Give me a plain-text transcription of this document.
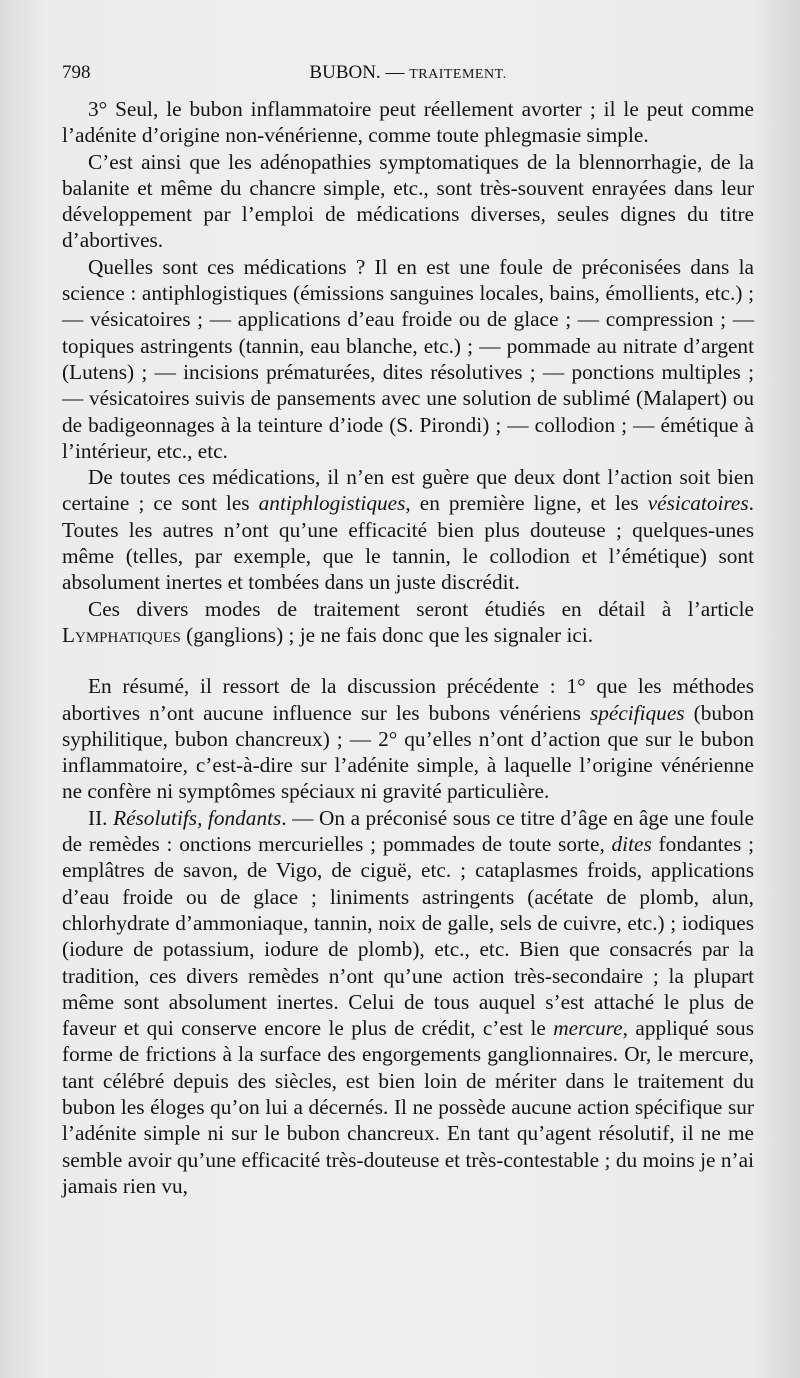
798	BUBON. — TRAITEMENT.

3° Seul, le bubon inflammatoire peut réellement avorter ; il le peut comme l’adénite d’origine non-vénérienne, comme toute phlegmasie simple.

C’est ainsi que les adénopathies symptomatiques de la blennorrhagie, de la balanite et même du chancre simple, etc., sont très-souvent enrayées dans leur développement par l’emploi de médications diverses, seules dignes du titre d’abortives.

Quelles sont ces médications ? Il en est une foule de préconisées dans la science : antiphlogistiques (émissions sanguines locales, bains, émollients, etc.) ; — vésicatoires ; — applications d’eau froide ou de glace ; — compression ; — topiques astringents (tannin, eau blanche, etc.) ; — pommade au nitrate d’argent (Lutens) ; — incisions prématurées, dites résolutives ; — ponctions multiples ; — vésicatoires suivis de pansements avec une solution de sublimé (Malapert) ou de badigeonnages à la teinture d’iode (S. Pirondi) ; — collodion ; — émétique à l’intérieur, etc., etc.

De toutes ces médications, il n’en est guère que deux dont l’action soit bien certaine ; ce sont les antiphlogistiques, en première ligne, et les vésicatoires. Toutes les autres n’ont qu’une efficacité bien plus douteuse ; quelques-unes même (telles, par exemple, que le tannin, le collodion et l’émétique) sont absolument inertes et tombées dans un juste discrédit.

Ces divers modes de traitement seront étudiés en détail à l’article Lymphatiques (ganglions) ; je ne fais donc que les signaler ici.

En résumé, il ressort de la discussion précédente : 1° que les méthodes abortives n’ont aucune influence sur les bubons vénériens spécifiques (bubon syphilitique, bubon chancreux) ; — 2° qu’elles n’ont d’action que sur le bubon inflammatoire, c’est-à-dire sur l’adénite simple, à laquelle l’origine vénérienne ne confère ni symptômes spéciaux ni gravité particulière.

II. Résolutifs, fondants. — On a préconisé sous ce titre d’âge en âge une foule de remèdes : onctions mercurielles ; pommades de toute sorte, dites fondantes ; emplâtres de savon, de Vigo, de ciguë, etc. ; cataplasmes froids, applications d’eau froide ou de glace ; liniments astringents (acétate de plomb, alun, chlorhydrate d’ammoniaque, tannin, noix de galle, sels de cuivre, etc.) ; iodiques (iodure de potassium, iodure de plomb), etc., etc. Bien que consacrés par la tradition, ces divers remèdes n’ont qu’une action très-secondaire ; la plupart même sont absolument inertes. Celui de tous auquel s’est attaché le plus de faveur et qui conserve encore le plus de crédit, c’est le mercure, appliqué sous forme de frictions à la surface des engorgements ganglionnaires. Or, le mercure, tant célébré depuis des siècles, est bien loin de mériter dans le traitement du bubon les éloges qu’on lui a décernés. Il ne possède aucune action spécifique sur l’adénite simple ni sur le bubon chancreux. En tant qu’agent résolutif, il ne me semble avoir qu’une efficacité très-douteuse et très-contestable ; du moins je n’ai jamais rien vu,
